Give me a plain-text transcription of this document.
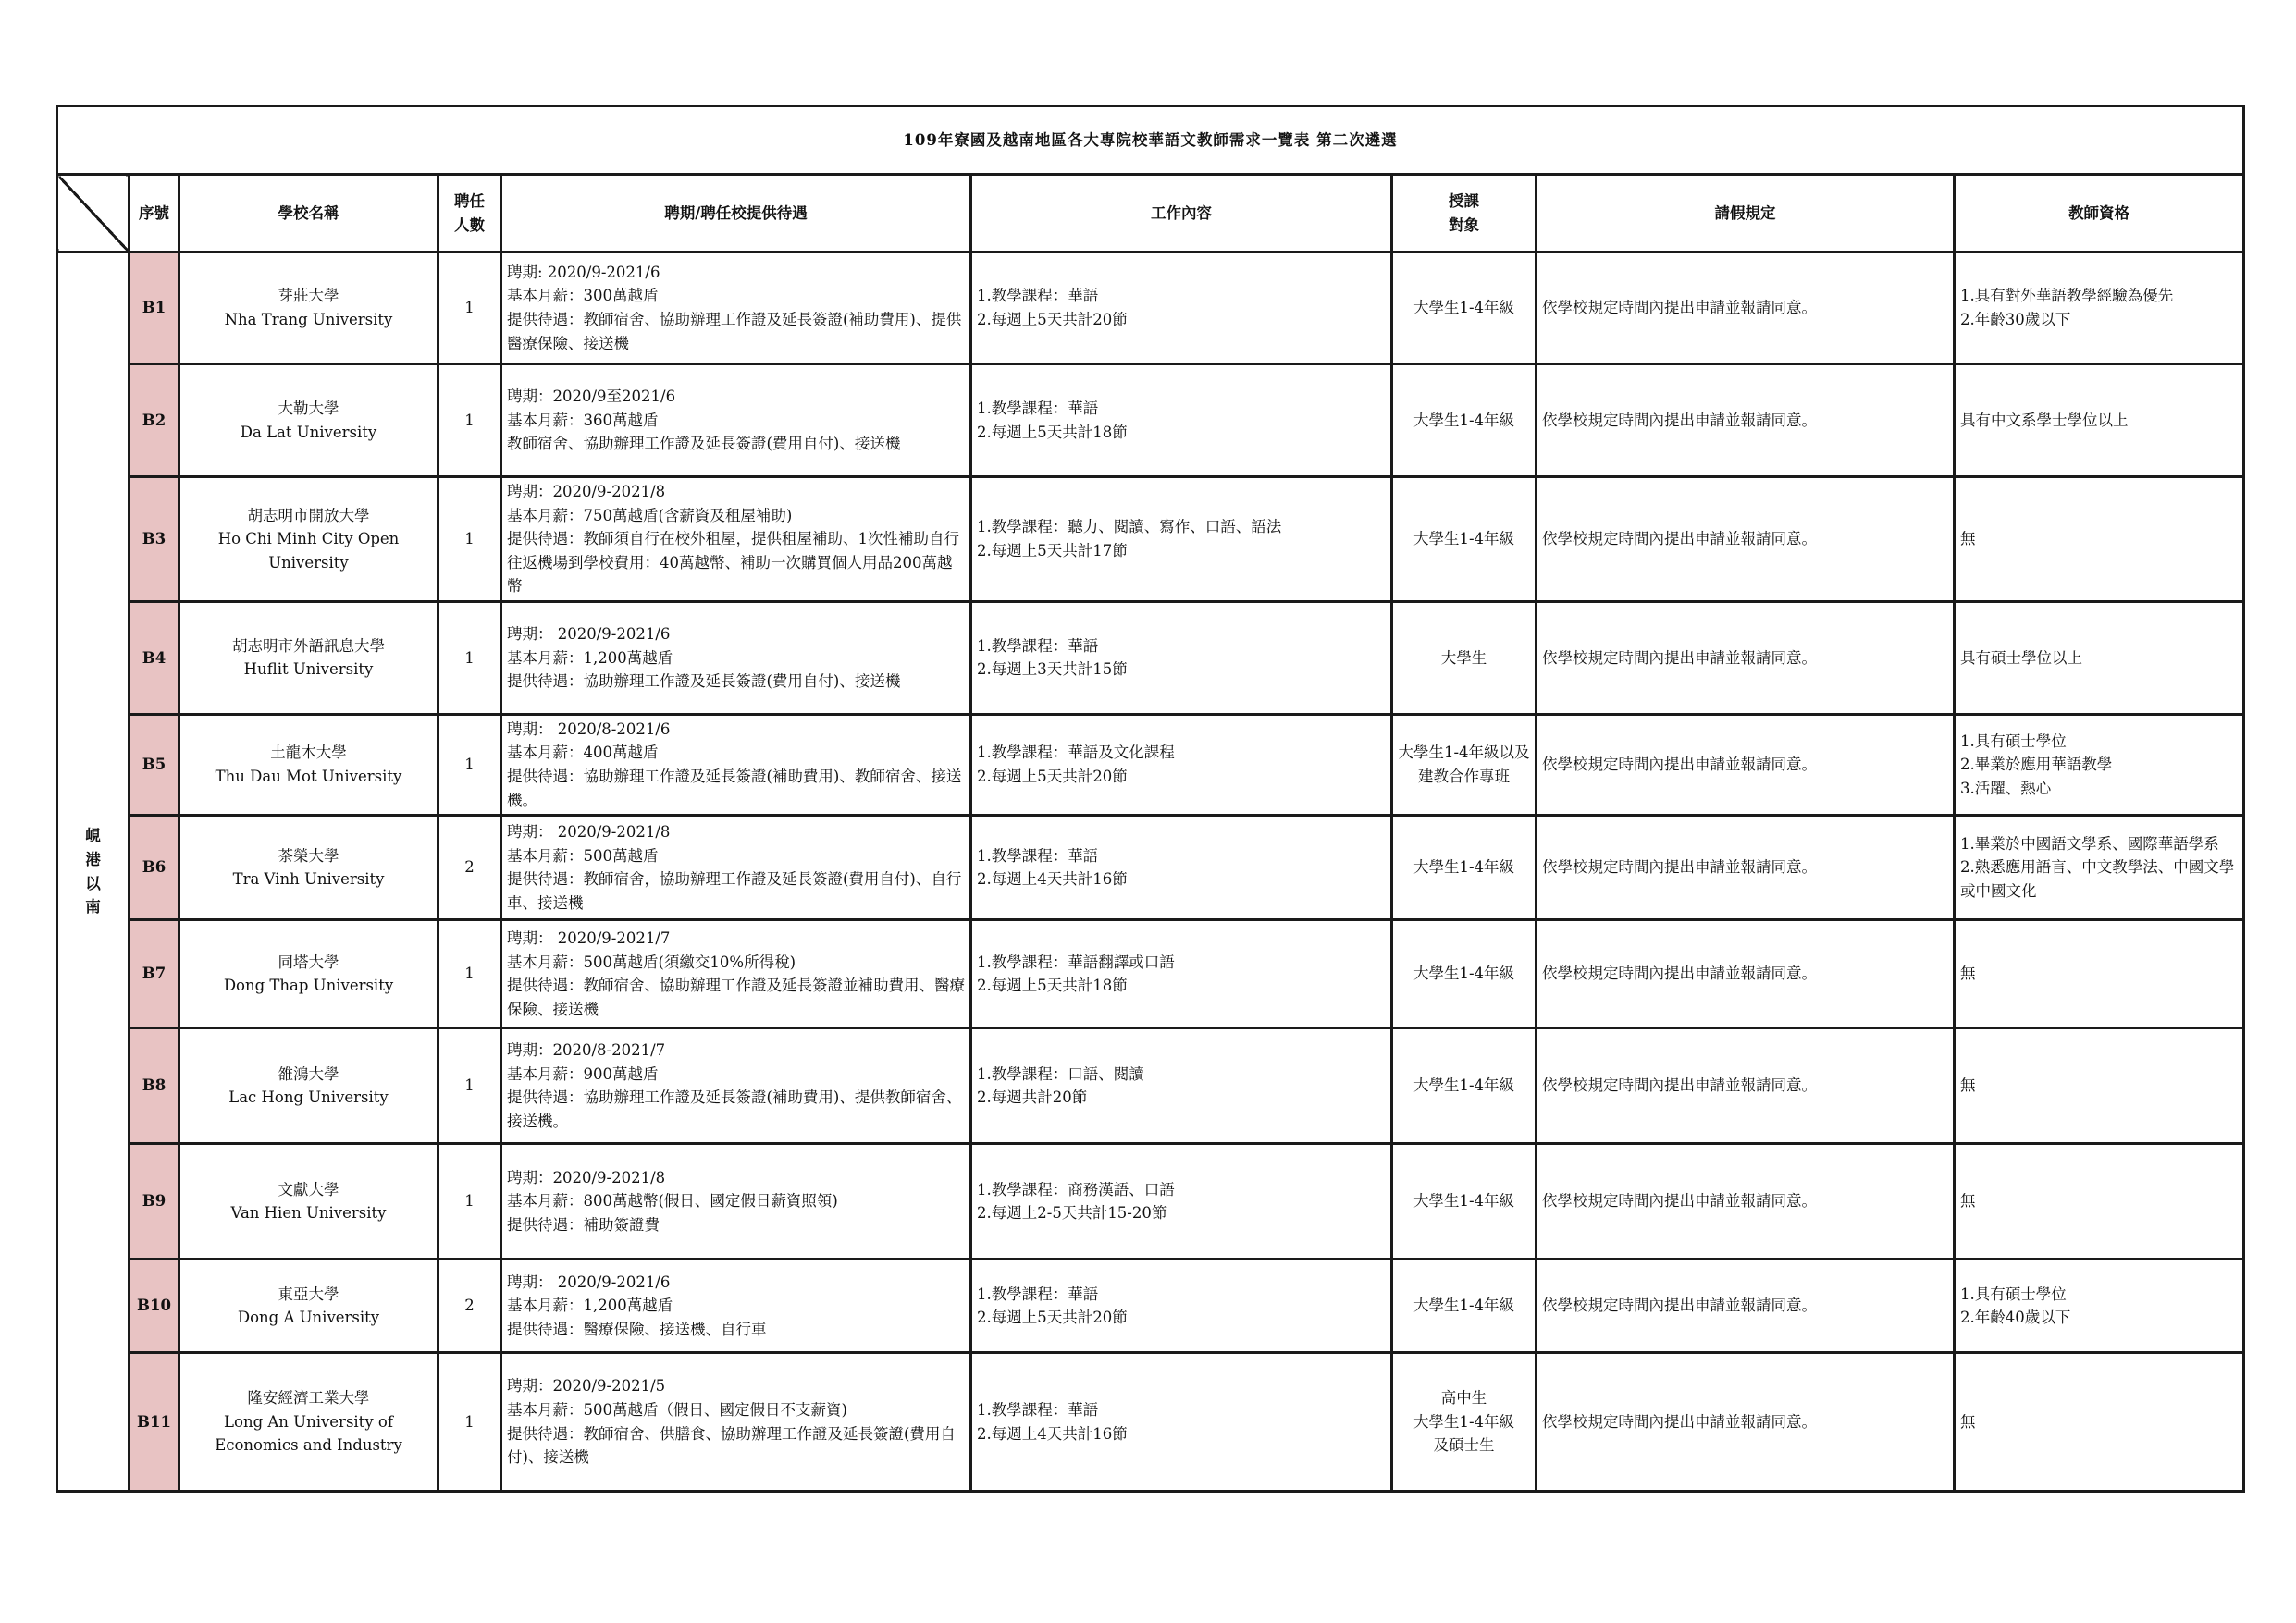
109年寮國及越南地區各大專院校華語文教師需求一覽表 第二次遴選								
	序號	學校名稱	聘任
人數	聘期/聘任校提供待遇	工作內容	授課
對象	請假規定	教師資格

峴
港
以
南	B1	芽莊大學
Nha Trang University	1	聘期: 2020/9-2021/6
基本月薪：300萬越盾
提供待遇：教師宿舍、協助辦理工作證及延長簽證(補助費用)、提供醫療保險、接送機	1.教學課程：華語
2.每週上5天共計20節	大學生1-4年級	依學校規定時間內提出申請並報請同意。	1.具有對外華語教學經驗為優先
2.年齡30歲以下
	B2	大勒大學
Da Lat University	1	聘期：2020/9至2021/6
基本月薪：360萬越盾
教師宿舍、協助辦理工作證及延長簽證(費用自付)、接送機	1.教學課程：華語
2.每週上5天共計18節	大學生1-4年級	依學校規定時間內提出申請並報請同意。	具有中文系學士學位以上
	B3	胡志明市開放大學
Ho Chi Minh City Open University	1	聘期：2020/9-2021/8
基本月薪：750萬越盾(含薪資及租屋補助)
提供待遇：教師須自行在校外租屋，提供租屋補助、1次性補助自行往返機場到學校費用：40萬越幣、補助一次購買個人用品200萬越幣	1.教學課程：聽力、閱讀、寫作、口語、語法
2.每週上5天共計17節	大學生1-4年級	依學校規定時間內提出申請並報請同意。	無
	B4	胡志明市外語訊息大學
Huflit University	1	聘期： 2020/9-2021/6
基本月薪：1,200萬越盾
提供待遇：協助辦理工作證及延長簽證(費用自付)、接送機	1.教學課程：華語
2.每週上3天共計15節	大學生	依學校規定時間內提出申請並報請同意。	具有碩士學位以上
	B5	土龍木大學
Thu Dau Mot University	1	聘期： 2020/8-2021/6
基本月薪：400萬越盾
提供待遇：協助辦理工作證及延長簽證(補助費用)、教師宿舍、接送機。	1.教學課程：華語及文化課程
2.每週上5天共計20節	大學生1-4年級以及建教合作專班	依學校規定時間內提出申請並報請同意。	1.具有碩士學位
2.畢業於應用華語教學
3.活躍、熱心
	B6	茶榮大學
Tra Vinh University	2	聘期： 2020/9-2021/8
基本月薪：500萬越盾
提供待遇：教師宿舍，協助辦理工作證及延長簽證(費用自付)、自行車、接送機	1.教學課程：華語
2.每週上4天共計16節	大學生1-4年級	依學校規定時間內提出申請並報請同意。	1.畢業於中國語文學系、國際華語學系
2.熟悉應用語言、中文教學法、中國文學或中國文化
	B7	同塔大學
Dong Thap University	1	聘期： 2020/9-2021/7
基本月薪：500萬越盾(須繳交10%所得稅)
提供待遇：教師宿舍、協助辦理工作證及延長簽證並補助費用、醫療保險、接送機	1.教學課程：華語翻譯或口語
2.每週上5天共計18節	大學生1-4年級	依學校規定時間內提出申請並報請同意。	無
	B8	雒鴻大學
Lac Hong University	1	聘期：2020/8-2021/7
基本月薪：900萬越盾
提供待遇：協助辦理工作證及延長簽證(補助費用)、提供教師宿舍、接送機。	1.教學課程：口語、閱讀
2.每週共計20節	大學生1-4年級	依學校規定時間內提出申請並報請同意。	無
	B9	文獻大學
Van Hien University	1	聘期：2020/9-2021/8
基本月薪：800萬越幣(假日、國定假日薪資照領)
提供待遇：補助簽證費	1.教學課程：商務漢語、口語
2.每週上2-5天共計15-20節	大學生1-4年級	依學校規定時間內提出申請並報請同意。	無
	B10	東亞大學
Dong A University	2	聘期： 2020/9-2021/6
基本月薪：1,200萬越盾
提供待遇：醫療保險、接送機、自行車	1.教學課程：華語
2.每週上5天共計20節	大學生1-4年級	依學校規定時間內提出申請並報請同意。	1.具有碩士學位
2.年齡40歲以下
	B11	隆安經濟工業大學
Long An University of Economics and Industry	1	聘期：2020/9-2021/5
基本月薪：500萬越盾（假日、國定假日不支薪資)
提供待遇：教師宿舍、供膳食、協助辦理工作證及延長簽證(費用自付)、接送機	1.教學課程：華語
2.每週上4天共計16節	高中生
大學生1-4年級
及碩士生	依學校規定時間內提出申請並報請同意。	無
